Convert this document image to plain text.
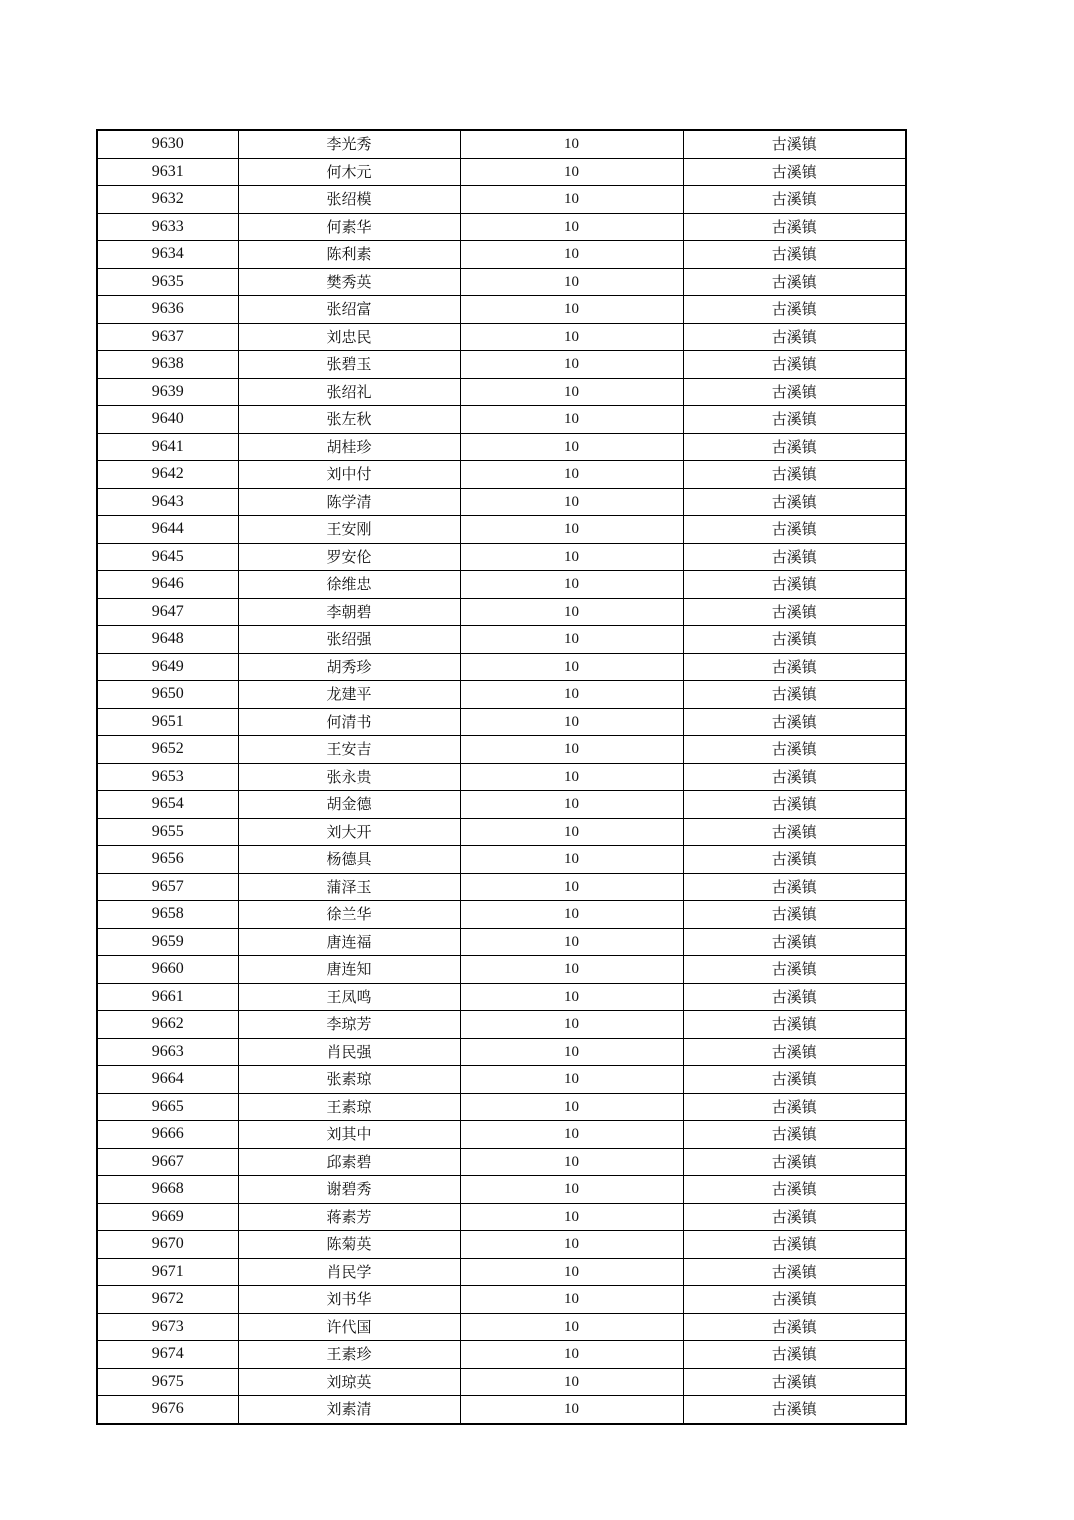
9630	李光秀	10	古溪镇
9631	何木元	10	古溪镇
9632	张绍模	10	古溪镇
9633	何素华	10	古溪镇
9634	陈利素	10	古溪镇
9635	樊秀英	10	古溪镇
9636	张绍富	10	古溪镇
9637	刘忠民	10	古溪镇
9638	张碧玉	10	古溪镇
9639	张绍礼	10	古溪镇
9640	张左秋	10	古溪镇
9641	胡桂珍	10	古溪镇
9642	刘中付	10	古溪镇
9643	陈学清	10	古溪镇
9644	王安刚	10	古溪镇
9645	罗安伦	10	古溪镇
9646	徐维忠	10	古溪镇
9647	李朝碧	10	古溪镇
9648	张绍强	10	古溪镇
9649	胡秀珍	10	古溪镇
9650	龙建平	10	古溪镇
9651	何清书	10	古溪镇
9652	王安吉	10	古溪镇
9653	张永贵	10	古溪镇
9654	胡金德	10	古溪镇
9655	刘大开	10	古溪镇
9656	杨德具	10	古溪镇
9657	蒲泽玉	10	古溪镇
9658	徐兰华	10	古溪镇
9659	唐连福	10	古溪镇
9660	唐连知	10	古溪镇
9661	王凤鸣	10	古溪镇
9662	李琼芳	10	古溪镇
9663	肖民强	10	古溪镇
9664	张素琼	10	古溪镇
9665	王素琼	10	古溪镇
9666	刘其中	10	古溪镇
9667	邱素碧	10	古溪镇
9668	谢碧秀	10	古溪镇
9669	蒋素芳	10	古溪镇
9670	陈菊英	10	古溪镇
9671	肖民学	10	古溪镇
9672	刘书华	10	古溪镇
9673	许代国	10	古溪镇
9674	王素珍	10	古溪镇
9675	刘琼英	10	古溪镇
9676	刘素清	10	古溪镇
